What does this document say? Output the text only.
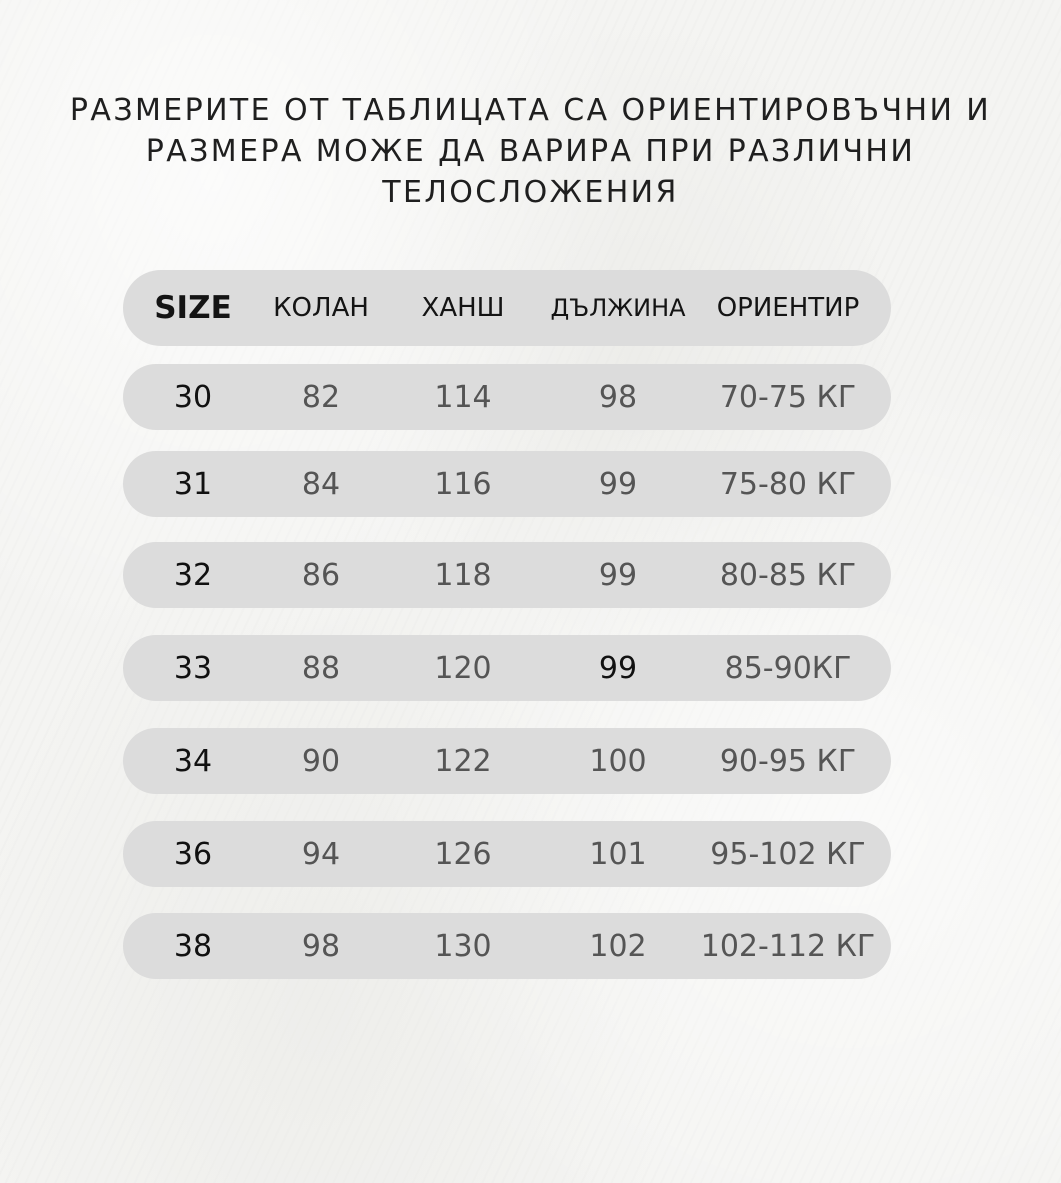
РАЗМЕРИТЕ ОТ ТАБЛИЦАТА СА ОРИЕНТИРОВЪЧНИ И
РАЗМЕРА МОЖЕ ДА ВАРИРА ПРИ РАЗЛИЧНИ
ТЕЛОСЛОЖЕНИЯ
SIZE	КОЛАН	ХАНШ	ДЪЛЖИНА	ОРИЕНТИР
30	82	114	98	70-75 КГ
31	84	116	99	75-80 КГ
32	86	118	99	80-85 КГ
33	88	120	99	85-90КГ
34	90	122	100	90-95 КГ
36	94	126	101	95-102 КГ
38	98	130	102	102-112 КГ
